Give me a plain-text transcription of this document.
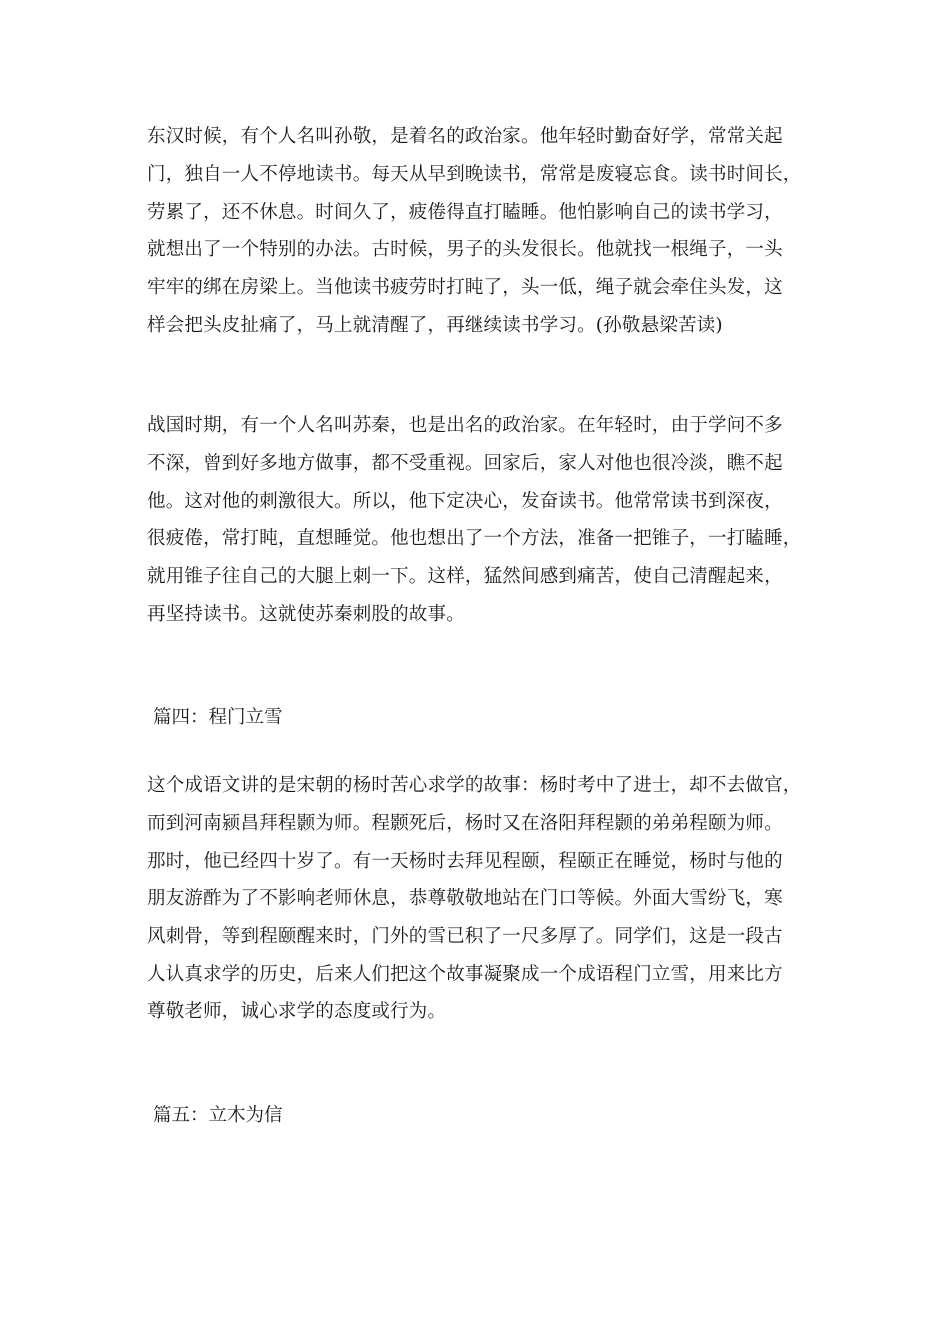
东汉时候，有个人名叫孙敬，是着名的政治家。他年轻时勤奋好学，常常关起
门，独自一人不停地读书。每天从早到晚读书，常常是废寝忘食。读书时间长，
劳累了，还不休息。时间久了，疲倦得直打瞌睡。他怕影响自己的读书学习，
就想出了一个特别的办法。古时候，男子的头发很长。他就找一根绳子，一头
牢牢的绑在房梁上。当他读书疲劳时打盹了，头一低，绳子就会牵住头发，这
样会把头皮扯痛了，马上就清醒了，再继续读书学习。(孙敬悬梁苦读)
战国时期，有一个人名叫苏秦，也是出名的政治家。在年轻时，由于学问不多
不深，曾到好多地方做事，都不受重视。回家后，家人对他也很冷淡，瞧不起
他。这对他的刺激很大。所以，他下定决心，发奋读书。他常常读书到深夜，
很疲倦，常打盹，直想睡觉。他也想出了一个方法，准备一把锥子，一打瞌睡，
就用锥子往自己的大腿上刺一下。这样，猛然间感到痛苦，使自己清醒起来，
再坚持读书。这就使苏秦刺股的故事。
篇四：程门立雪
这个成语文讲的是宋朝的杨时苦心求学的故事：杨时考中了进士，却不去做官，
而到河南颍昌拜程颢为师。程颢死后，杨时又在洛阳拜程颢的弟弟程颐为师。
那时，他已经四十岁了。有一天杨时去拜见程颐，程颐正在睡觉，杨时与他的
朋友游酢为了不影响老师休息，恭尊敬敬地站在门口等候。外面大雪纷飞，寒
风刺骨，等到程颐醒来时，门外的雪已积了一尺多厚了。同学们，这是一段古
人认真求学的历史，后来人们把这个故事凝聚成一个成语程门立雪，用来比方
尊敬老师，诚心求学的态度或行为。
篇五：立木为信
